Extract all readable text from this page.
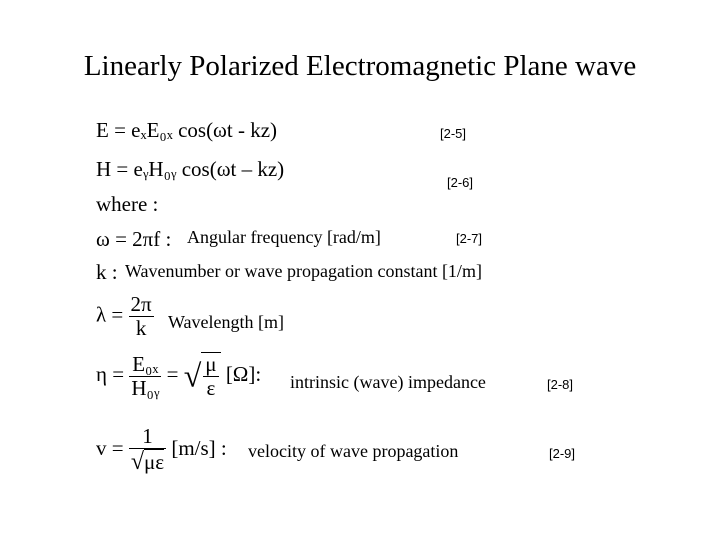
Linearly Polarized Electromagnetic Plane wave
E = eₓE₀ₓ cos(ωt - kz)	[2-5]
H = eᵧH₀ᵧ cos(ωt – kz)
[2-6]
where :
ω = 2πf : Angular frequency [rad/m]	[2-7]
k : Wavenumber or wave propagation constant [1/m]
$\lambda = \frac{2\pi}{k}$ Wavelength [m]
$\eta = \frac{\text{E₀ₓ}}{\text{H₀ᵧ}}$ = √ $\frac{\mu}{\varepsilon} [\Omega]$: intrinsic (wave) impedance	[2-8]
$v = \frac{1}{√\mu\varepsilon} [m/s]$ : velocity of wave propagation	[2-9]
